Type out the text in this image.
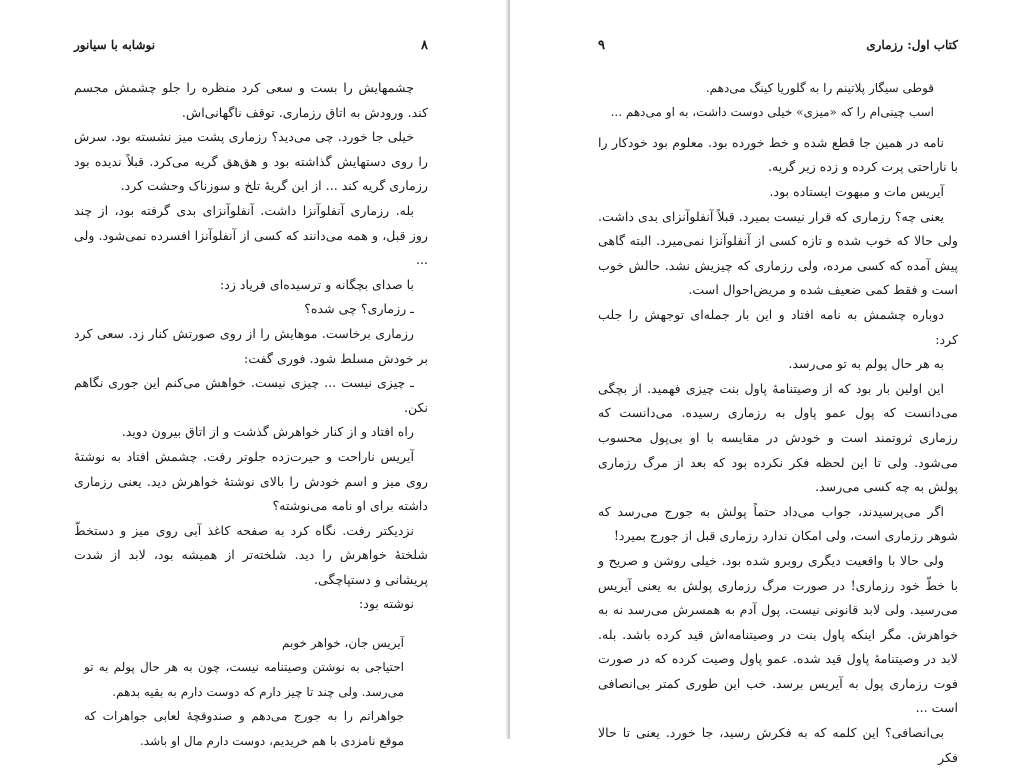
۸
نوشابه با سیانور

چشمهایش را بست و سعی کرد منظره را جلو چشمش مجسم کند. ورودش به اتاق رزماری. توقف ناگهانی‌اش.

خیلی جا خورد. چی می‌دید؟ رزماری پشت میز نشسته بود. سرش را روی دستهایش گذاشته بود و هق‌هق گریه می‌کرد. قبلاً ندیده بود رزماری گریه کند ... از این گریهٔ تلخ و سوزناک وحشت کرد.

بله. رزماری آنفلوآنزا داشت. آنفلوآنزای بدی گرفته بود، از چند روز قبل، و همه می‌دانند که کسی از آنفلوآنزا افسرده نمی‌شود. ولی ...

با صدای بچگانه و ترسیده‌ای فریاد زد:

ـ رزماری؟ چی شده؟

رزماری برخاست. موهایش را از روی صورتش کنار زد. سعی کرد بر خودش مسلط شود. فوری گفت:

ـ چیزی نیست ... چیزی نیست. خواهش می‌کنم این جوری نگاهم نکن.

راه افتاد و از کنار خواهرش گذشت و از اتاق بیرون دوید.

آیریس ناراحت و حیرت‌زده جلوتر رفت. چشمش افتاد به نوشتهٔ روی میز و اسم خودش را بالای نوشتهٔ خواهرش دید. یعنی رزماری داشته برای او نامه می‌نوشته؟

نزدیکتر رفت. نگاه کرد به صفحه کاغذ آبی روی میز و دستخطّ شلختهٔ خواهرش را دید. شلخته‌تر از همیشه بود، لابد از شدت پریشانی و دستپاچگی.

نوشته بود:

آیریس جان، خواهر خوبم

احتیاجی به نوشتن وصیتنامه نیست، چون به هر حال پولم به تو می‌رسد. ولی چند تا چیز دارم که دوست دارم به بقیه بدهم.

جواهراتم را به جورج می‌دهم و صندوقچهٔ لعابی جواهرات که موقع نامزدی با هم خریدیم، دوست دارم مال او باشد.

کتاب اول: رزماری
۹

قوطی سیگار پلاتینم را به گلوریا کینگ می‌دهم.

اسب چینی‌ام را که «میزی» خیلی دوست داشت، به او می‌دهم ...

نامه در همین جا قطع شده و خط خورده بود. معلوم بود خودکار را با ناراحتی پرت کرده و زده زیر گریه.

آیریس مات و مبهوت ایستاده بود.

یعنی چه؟ رزماری که قرار نیست بمیرد. قبلاً آنفلوآنزای بدی داشت. ولی حالا که خوب شده و تازه کسی از آنفلوآنزا نمی‌میرد. البته گاهی پیش آمده که کسی مرده، ولی رزماری که چیزیش نشد. حالش خوب است و فقط کمی ضعیف شده و مریض‌احوال است.

دوباره چشمش به نامه افتاد و این بار جمله‌ای توجهش را جلب کرد:

به هر حال پولم به تو می‌رسد.

این اولین بار بود که از وصیتنامهٔ پاول بنت چیزی فهمید. از بچگی می‌دانست که پول عمو پاول به رزماری رسیده. می‌دانست که رزماری ثروتمند است و خودش در مقایسه با او بی‌پول محسوب می‌شود. ولی تا این لحظه فکر نکرده بود که بعد از مرگ رزماری پولش به چه کسی می‌رسد.

اگر می‌پرسیدند، جواب می‌داد حتماً پولش به جورج می‌رسد که شوهر رزماری است، ولی امکان ندارد رزماری قبل از جورج بمیرد!

ولی حالا با واقعیت دیگری روبرو شده بود. خیلی روشن و صریح و با خطّ خود رزماری! در صورت مرگ رزماری پولش به یعنی آیریس می‌رسید. ولی لابد قانونی نیست. پول آدم به همسرش می‌رسد نه به خواهرش. مگر اینکه پاول بنت در وصیتنامه‌اش قید کرده باشد. بله. لابد در وصیتنامهٔ پاول قید شده. عمو پاول وصیت کرده که در صورت فوت رزماری پول به آیریس برسد. خب این طوری کمتر بی‌انصافی است ...

بی‌انصافی؟ این کلمه که به فکرش رسید، جا خورد. یعنی تا حالا فکر
